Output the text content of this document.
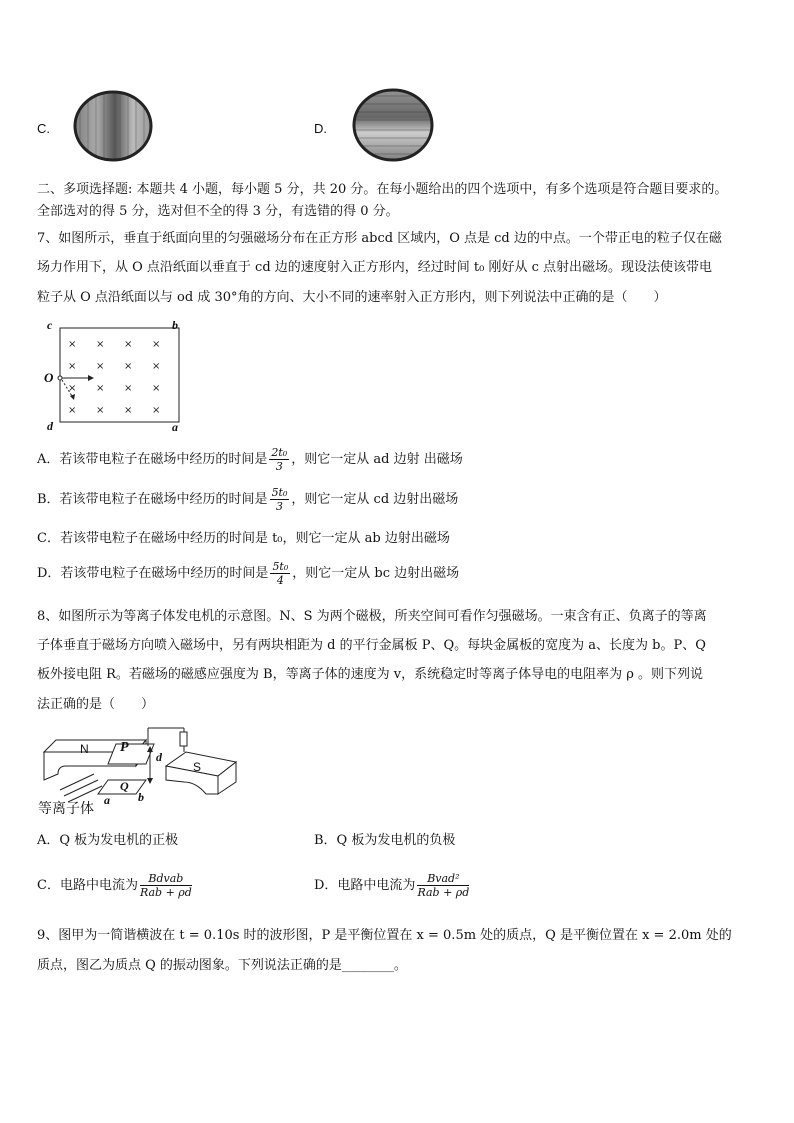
C.	D.
二、多项选择题: 本题共 4 小题，每小题 5 分，共 20 分。在每小题给出的四个选项中，有多个选项是符合题目要求的。
全部选对的得 5 分，选对但不全的得 3 分，有选错的得 0 分。
7、如图所示，垂直于纸面向里的匀强磁场分布在正方形 abcd 区域内，O 点是 cd 边的中点。一个带正电的粒子仅在磁
场力作用下，从 O 点沿纸面以垂直于 cd 边的速度射入正方形内，经过时间 t₀ 刚好从 c 点射出磁场。现设法使该带电
粒子从 O 点沿纸面以与 od 成 30°角的方向、大小不同的速率射入正方形内，则下列说法中正确的是（　　）
× × × ×
× × × ×
× × × ×
× × × ×
c	b
O
d	a
A．若该带电粒子在磁场中经历的时间是 $\frac{\text{2t₀}}{3}$ ，则它一定从 ad 边射 出磁场
B．若该带电粒子在磁场中经历的时间是 $\frac{\text{5t₀}}{3}$ ，则它一定从 cd 边射出磁场
C．若该带电粒子在磁场中经历的时间是 t₀，则它一定从 ab 边射出磁场
D．若该带电粒子在磁场中经历的时间是 $\frac{\text{5t₀}}{4}$ ，则它一定从 bc 边射出磁场
8、如图所示为等离子体发电机的示意图。N、S 为两个磁极，所夹空间可看作匀强磁场。一束含有正、负离子的等离
子体垂直于磁场方向喷入磁场中，另有两块相距为 d 的平行金属板 P、Q。每块金属板的宽度为 a、长度为 b。P、Q
板外接电阻 R。若磁场的磁感应强度为 B，等离子体的速度为 v，系统稳定时等离子体导电的电阻率为 ρ 。则下列说
法正确的是（　　）
N P
d
S
Q
a b
等离子体
A．Q 板为发电机的正极	B．Q 板为发电机的负极
C．电路中电流为 $\frac{\text{Bdvab}}{\text{Rab + ρd}}$	D．电路中电流为 $\frac{\text{Bvad²}}{\text{Rab + ρd}}$
9、图甲为一简谐横波在 t = 0.10s 时的波形图，P 是平衡位置在 x = 0.5m 处的质点，Q 是平衡位置在 x = 2.0m 处的
质点，图乙为质点 Q 的振动图象。下列说法正确的是________。
